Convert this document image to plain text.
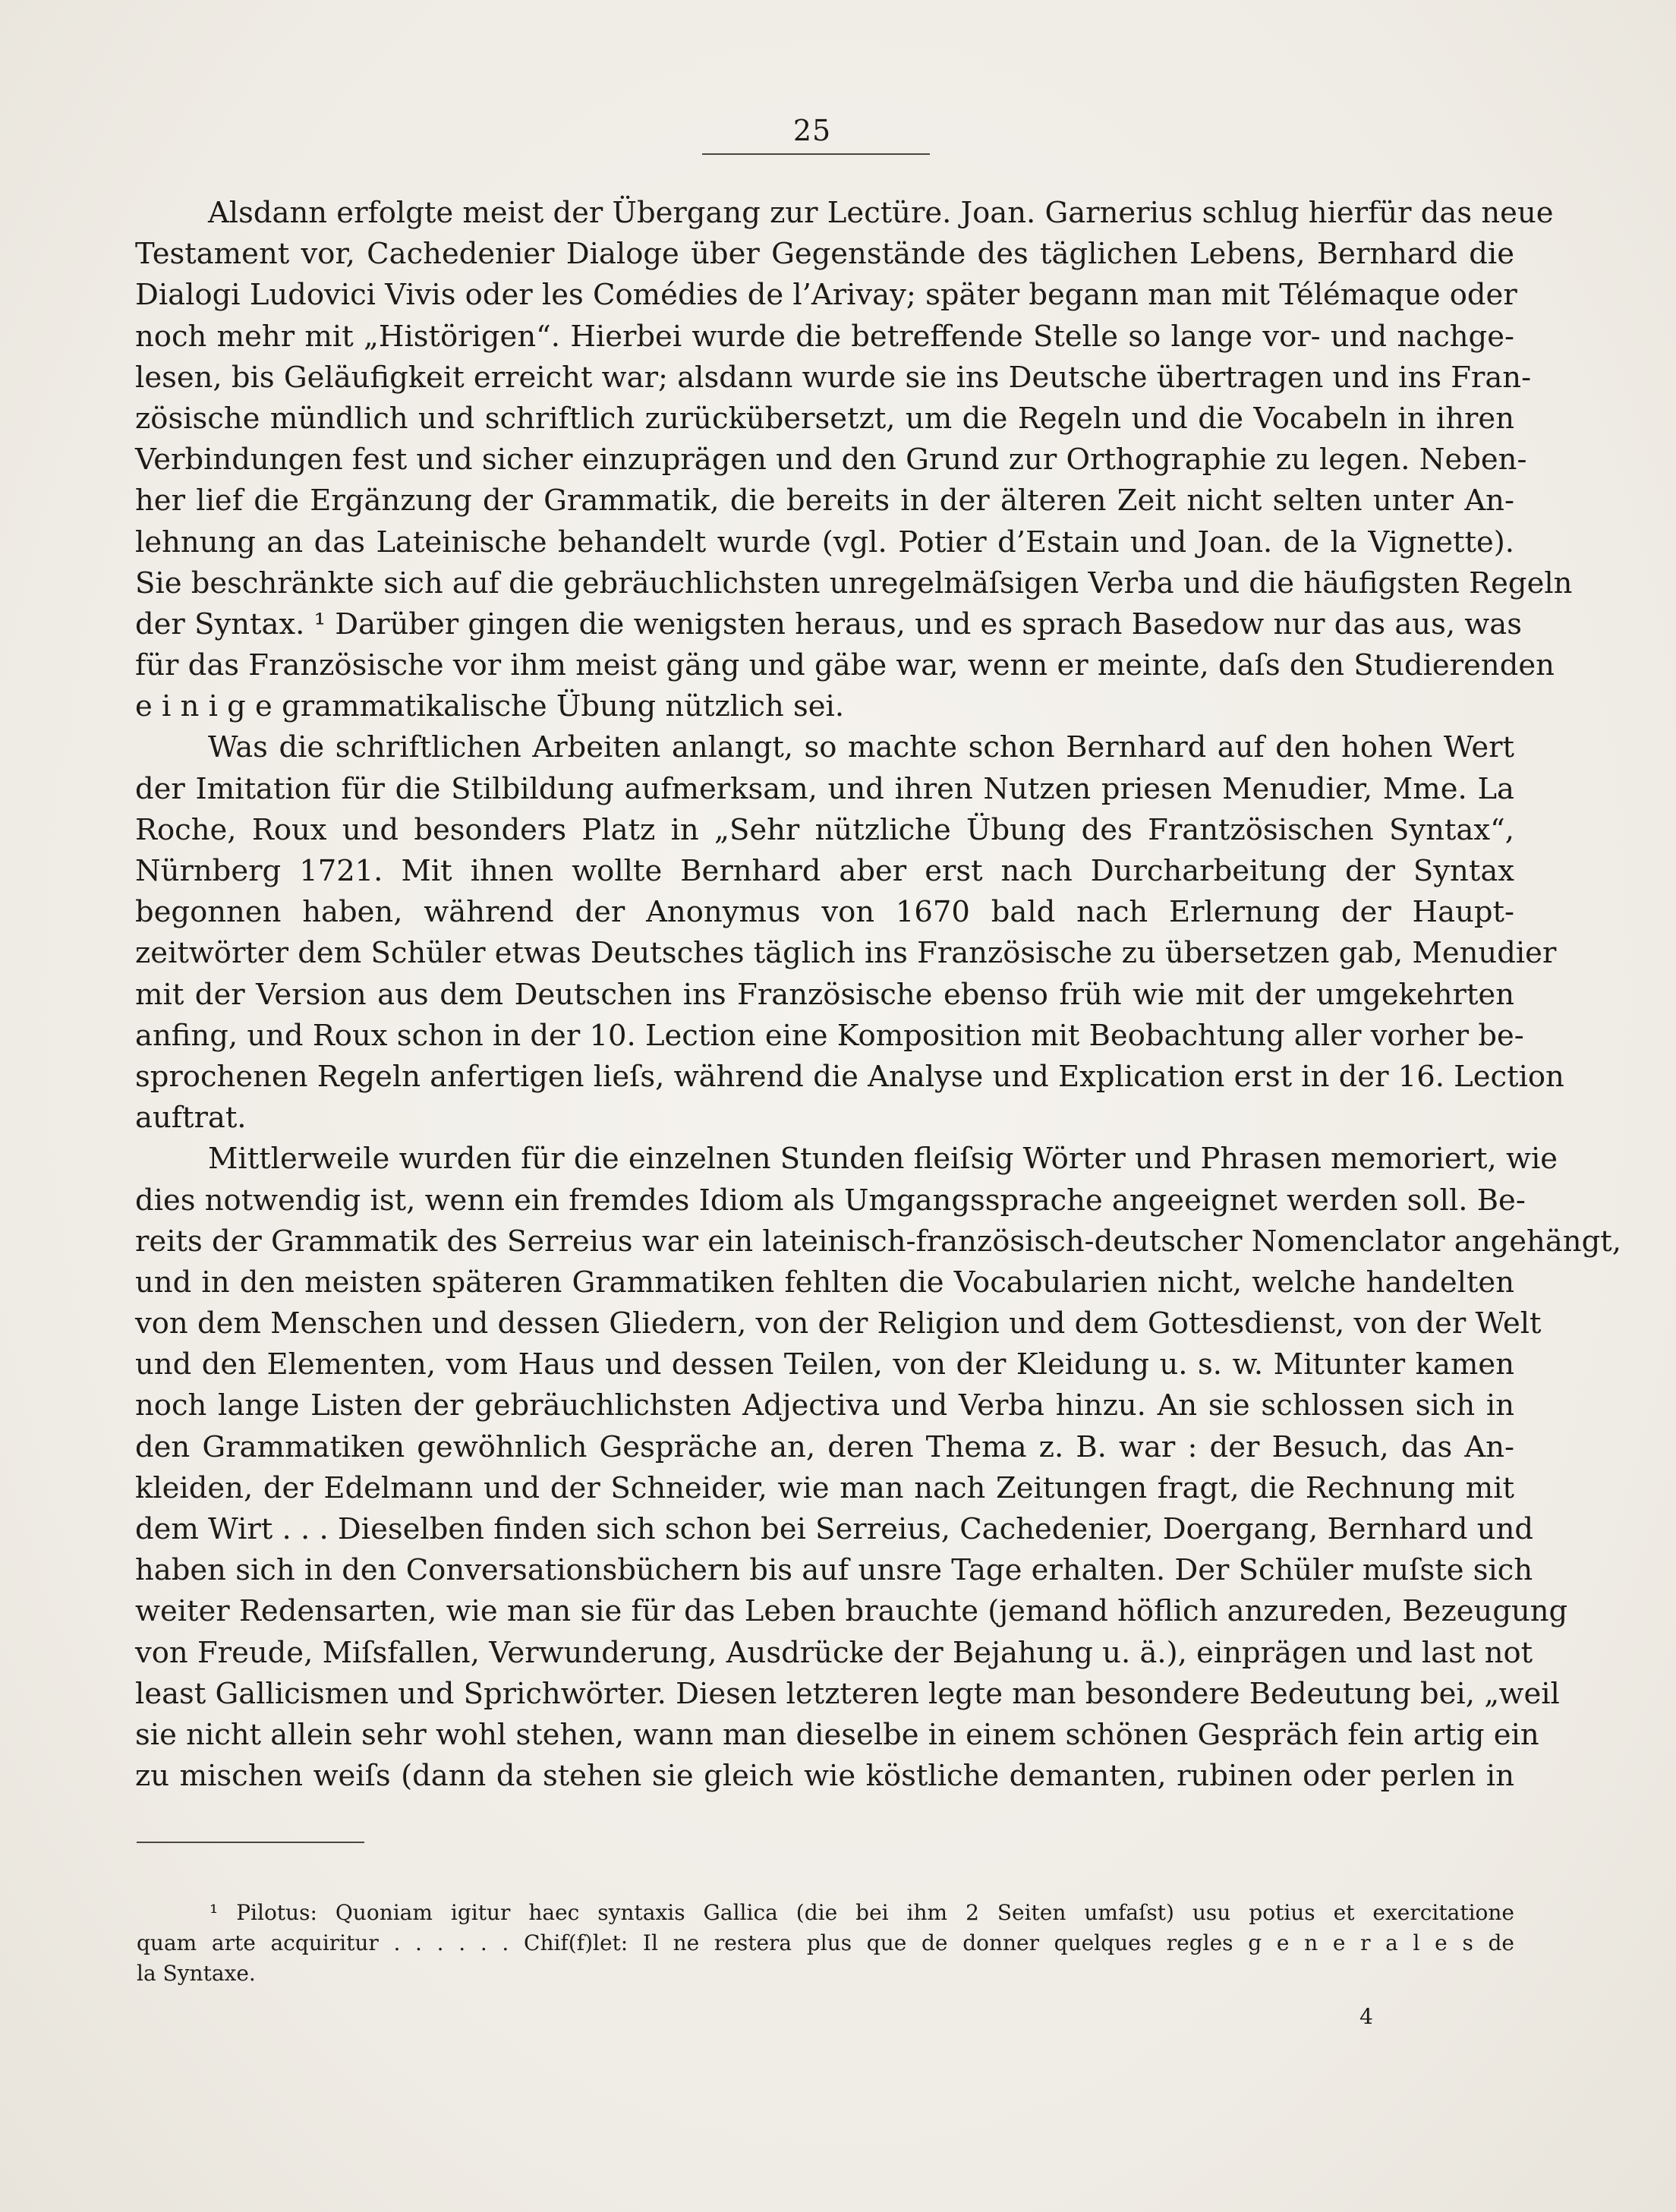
25
Alsdann erfolgte meist der Übergang zur Lectüre. Joan. Garnerius schlug hierfür das neue
Testament vor, Cachedenier Dialoge über Gegenstände des täglichen Lebens, Bernhard die
Dialogi Ludovici Vivis oder les Comédies de l’Arivay; später begann man mit Télémaque oder
noch mehr mit „Histörigen“. Hierbei wurde die betreffende Stelle so lange vor- und nachge-
lesen, bis Geläufigkeit erreicht war; alsdann wurde sie ins Deutsche übertragen und ins Fran-
zösische mündlich und schriftlich zurückübersetzt, um die Regeln und die Vocabeln in ihren
Verbindungen fest und sicher einzuprägen und den Grund zur Orthographie zu legen. Neben-
her lief die Ergänzung der Grammatik, die bereits in der älteren Zeit nicht selten unter An-
lehnung an das Lateinische behandelt wurde (vgl. Potier d’Estain und Joan. de la Vignette).
Sie beschränkte sich auf die gebräuchlichsten unregelmäſsigen Verba und die häufigsten Regeln
der Syntax. ¹ Darüber gingen die wenigsten heraus, und es sprach Basedow nur das aus, was
für das Französische vor ihm meist gäng und gäbe war, wenn er meinte, daſs den Studierenden
e i n i g e grammatikalische Übung nützlich sei.
Was die schriftlichen Arbeiten anlangt, so machte schon Bernhard auf den hohen Wert
der Imitation für die Stilbildung aufmerksam, und ihren Nutzen priesen Menudier, Mme. La
Roche, Roux und besonders Platz in „Sehr nützliche Übung des Frantzösischen Syntax“,
Nürnberg 1721. Mit ihnen wollte Bernhard aber erst nach Durcharbeitung der Syntax
begonnen haben, während der Anonymus von 1670 bald nach Erlernung der Haupt-
zeitwörter dem Schüler etwas Deutsches täglich ins Französische zu übersetzen gab, Menudier
mit der Version aus dem Deutschen ins Französische ebenso früh wie mit der umgekehrten
anfing, und Roux schon in der 10. Lection eine Komposition mit Beobachtung aller vorher be-
sprochenen Regeln anfertigen lieſs, während die Analyse und Explication erst in der 16. Lection
auftrat.
Mittlerweile wurden für die einzelnen Stunden fleiſsig Wörter und Phrasen memoriert, wie
dies notwendig ist, wenn ein fremdes Idiom als Umgangssprache angeeignet werden soll. Be-
reits der Grammatik des Serreius war ein lateinisch-französisch-deutscher Nomenclator angehängt,
und in den meisten späteren Grammatiken fehlten die Vocabularien nicht, welche handelten
von dem Menschen und dessen Gliedern, von der Religion und dem Gottesdienst, von der Welt
und den Elementen, vom Haus und dessen Teilen, von der Kleidung u. s. w. Mitunter kamen
noch lange Listen der gebräuchlichsten Adjectiva und Verba hinzu. An sie schlossen sich in
den Grammatiken gewöhnlich Gespräche an, deren Thema z. B. war : der Besuch, das An-
kleiden, der Edelmann und der Schneider, wie man nach Zeitungen fragt, die Rechnung mit
dem Wirt . . . Dieselben finden sich schon bei Serreius, Cachedenier, Doergang, Bernhard und
haben sich in den Conversationsbüchern bis auf unsre Tage erhalten. Der Schüler muſste sich
weiter Redensarten, wie man sie für das Leben brauchte (jemand höflich anzureden, Bezeugung
von Freude, Miſsfallen, Verwunderung, Ausdrücke der Bejahung u. ä.), einprägen und last not
least Gallicismen und Sprichwörter. Diesen letzteren legte man besondere Bedeutung bei, „weil
sie nicht allein sehr wohl stehen, wann man dieselbe in einem schönen Gespräch fein artig ein
zu mischen weiſs (dann da stehen sie gleich wie köstliche demanten, rubinen oder perlen in
¹ Pilotus: Quoniam igitur haec syntaxis Gallica (die bei ihm 2 Seiten umfaſst) usu potius et exercitatione
quam arte acquiritur . . . . . . Chif(f)let: Il ne restera plus que de donner quelques regles g e n e r a l e s de
la Syntaxe.
4
